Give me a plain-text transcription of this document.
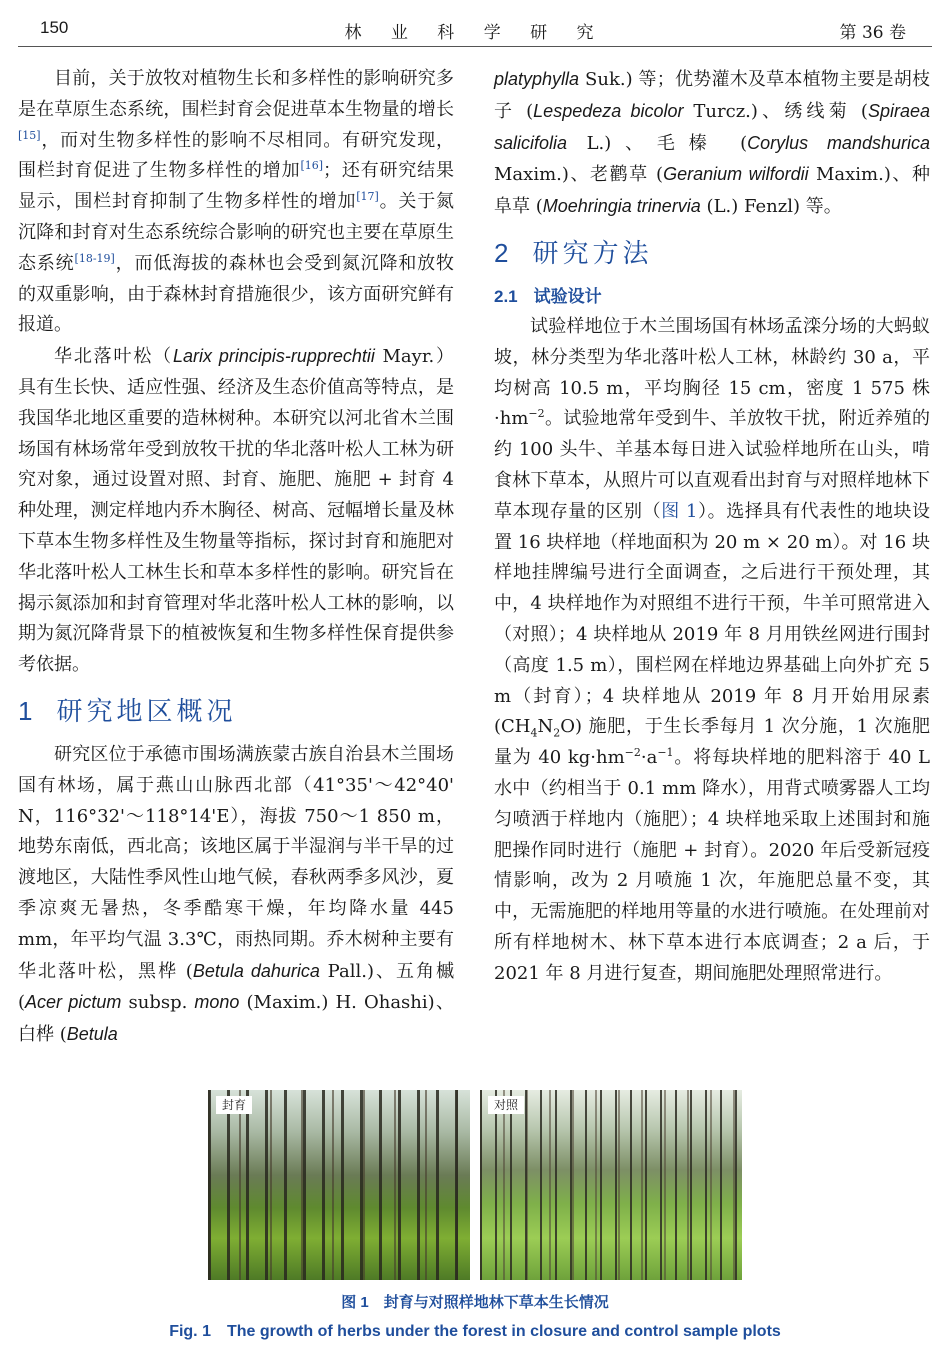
150	林 业 科 学 研 究	第 36 卷

目前，关于放牧对植物生长和多样性的影响研究多是在草原生态系统，围栏封育会促进草本生物量的增长[15]，而对生物多样性的影响不尽相同。有研究发现，围栏封育促进了生物多样性的增加[16]；还有研究结果显示，围栏封育抑制了生物多样性的增加[17]。关于氮沉降和封育对生态系统综合影响的研究也主要在草原生态系统[18-19]，而低海拔的森林也会受到氮沉降和放牧的双重影响，由于森林封育措施很少，该方面研究鲜有报道。

华北落叶松（Larix principis-rupprechtii Mayr.）具有生长快、适应性强、经济及生态价值高等特点，是我国华北地区重要的造林树种。本研究以河北省木兰围场国有林场常年受到放牧干扰的华北落叶松人工林为研究对象，通过设置对照、封育、施肥、施肥 + 封育 4 种处理，测定样地内乔木胸径、树高、冠幅增长量及林下草本生物多样性及生物量等指标，探讨封育和施肥对华北落叶松人工林生长和草本多样性的影响。研究旨在揭示氮添加和封育管理对华北落叶松人工林的影响，以期为氮沉降背景下的植被恢复和生物多样性保育提供参考依据。

1 研究地区概况

研究区位于承德市围场满族蒙古族自治县木兰围场国有林场，属于燕山山脉西北部（41°35'～42°40' N，116°32'～118°14'E），海拔 750～1 850 m，地势东南低，西北高；该地区属于半湿润与半干旱的过渡地区，大陆性季风性山地气候，春秋两季多风沙，夏季凉爽无暑热，冬季酷寒干燥，年均降水量 445 mm，年平均气温 3.3℃，雨热同期。乔木树种主要有华北落叶松，黑桦 (Betula dahurica Pall.)、五角槭 (Acer pictum subsp. mono (Maxim.) H. Ohashi)、白桦 (Betula

platyphylla Suk.) 等；优势灌木及草本植物主要是胡枝子 (Lespedeza bicolor Turcz.)、绣线菊 (Spiraea salicifolia L.)、毛榛 (Corylus mandshurica Maxim.)、老鹳草 (Geranium wilfordii Maxim.)、种阜草 (Moehringia trinervia (L.) Fenzl) 等。

2 研究方法
2.1 试验设计

试验样地位于木兰围场国有林场孟滦分场的大蚂蚁坡，林分类型为华北落叶松人工林，林龄约 30 a，平均树高 10.5 m，平均胸径 15 cm，密度 1 575 株$\cdot hm^{-2}$。试验地常年受到牛、羊放牧干扰，附近养殖的约 100 头牛、羊基本每日进入试验样地所在山头，啃食林下草本，从照片可以直观看出封育与对照样地林下草本现存量的区别（图 1）。选择具有代表性的地块设置 16 块样地（样地面积为 20 m × 20 m）。对 16 块样地挂牌编号进行全面调查，之后进行干预处理，其中，4 块样地作为对照组不进行干预，牛羊可照常进入（对照）；4 块样地从 2019 年 8 月用铁丝网进行围封（高度 1.5 m），围栏网在样地边界基础上向外扩充 5 m（封育）；4 块样地从 2019 年 8 月开始用尿素 $(CH_4N_2O)$ 施肥，于生长季每月 1 次分施，1 次施肥量为 40 $kg\cdot hm^{-2}\cdot a^{-1}$。将每块样地的肥料溶于 40 L 水中（约相当于 0.1 mm 降水），用背式喷雾器人工均匀喷洒于样地内（施肥）；4 块样地采取上述围封和施肥操作同时进行（施肥 + 封育）。2020 年后受新冠疫情影响，改为 2 月喷施 1 次，年施肥总量不变，其中，无需施肥的样地用等量的水进行喷施。在处理前对所有样地树木、林下草本进行本底调查；2 a 后，于 2021 年 8 月进行复查，期间施肥处理照常进行。

封育	对照
图 1　封育与对照样地林下草本生长情况
Fig. 1　The growth of herbs under the forest in closure and control sample plots
